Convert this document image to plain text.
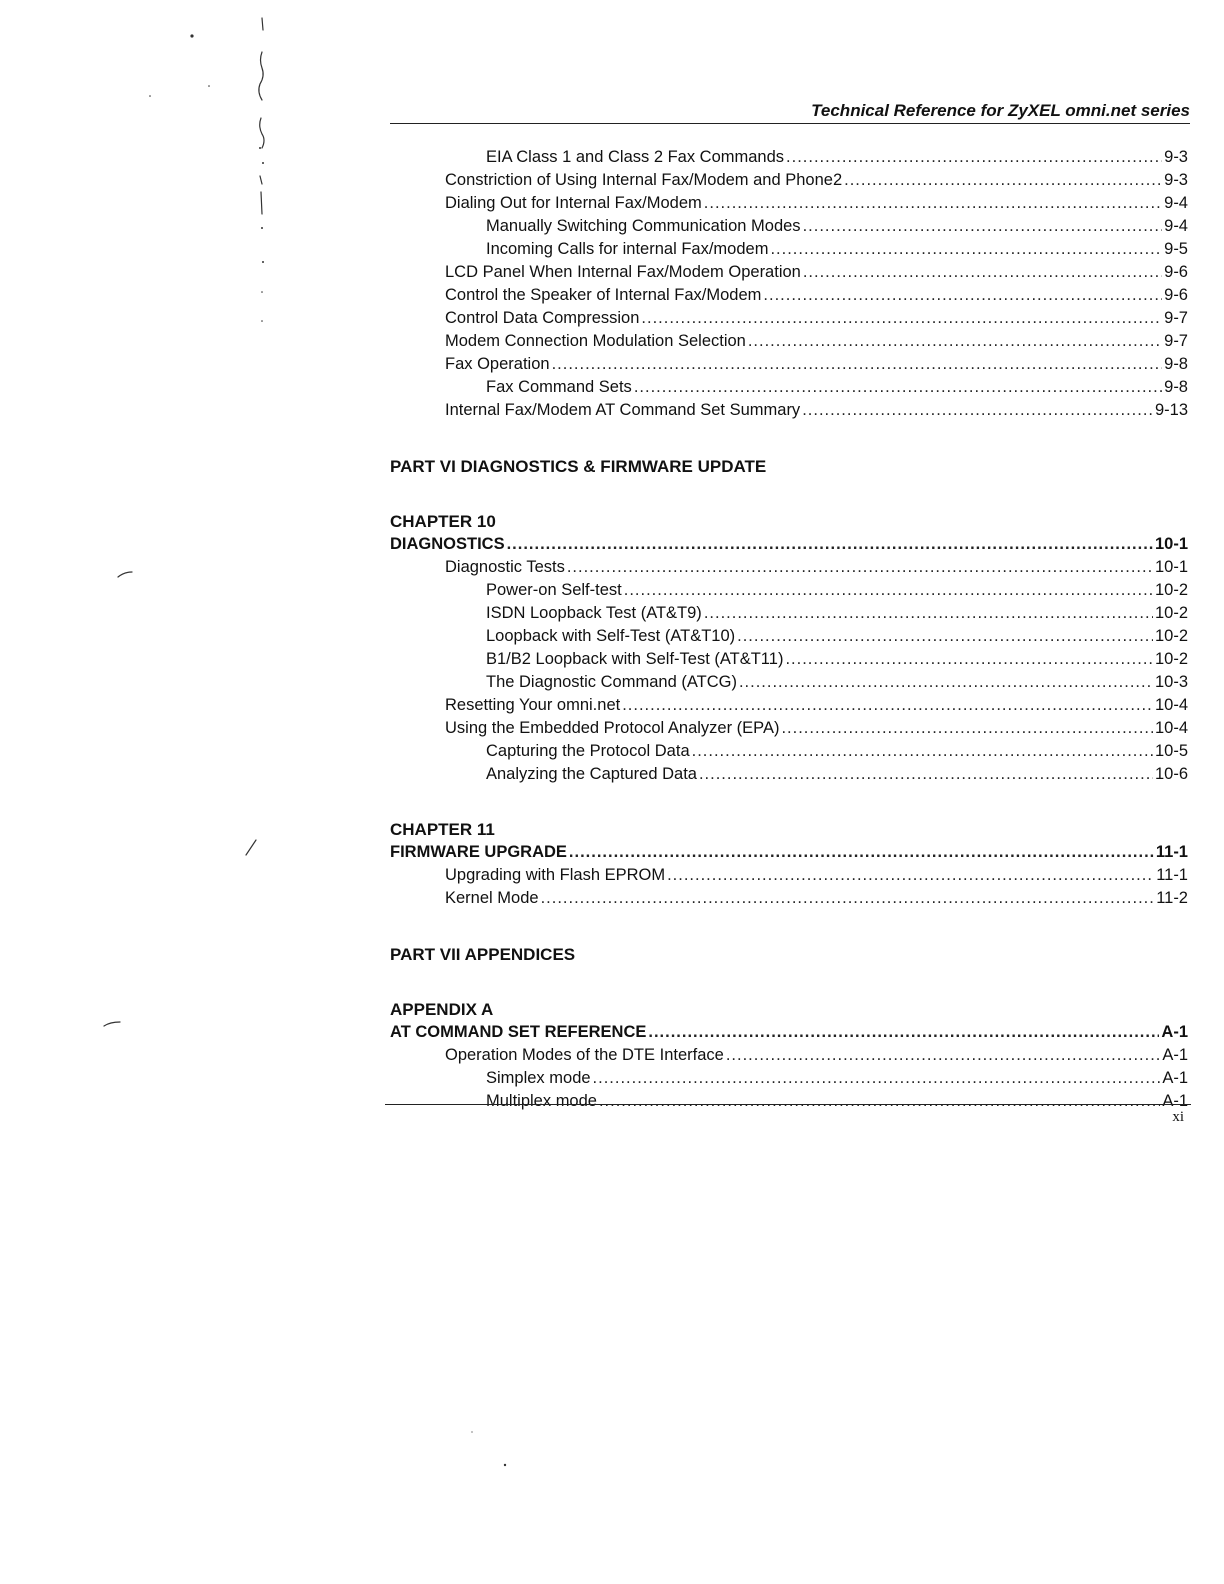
Technical Reference for ZyXEL omni.net series
EIA Class 1 and Class 2 Fax Commands .....	9-3
Constriction of Using Internal Fax/Modem and Phone2 .....	9-3
Dialing Out for Internal Fax/Modem .....	9-4
Manually Switching Communication Modes .....	9-4
Incoming Calls for internal Fax/modem .....	9-5
LCD Panel When Internal Fax/Modem Operation .....	9-6
Control the Speaker of Internal Fax/Modem .....	9-6
Control Data Compression .....	9-7
Modem Connection Modulation Selection .....	9-7
Fax Operation .....	9-8
Fax Command Sets .....	9-8
Internal Fax/Modem AT Command Set Summary .....	9-13
PART VI DIAGNOSTICS & FIRMWARE UPDATE
CHAPTER 10
DIAGNOSTICS .....	10-1
Diagnostic Tests .....	10-1
Power-on Self-test .....	10-2
ISDN Loopback Test (AT&T9) .....	10-2
Loopback with Self-Test (AT&T10) .....	10-2
B1/B2 Loopback with Self-Test (AT&T11) .....	10-2
The Diagnostic Command (ATCG) .....	10-3
Resetting Your omni.net .....	10-4
Using the Embedded Protocol Analyzer (EPA) .....	10-4
Capturing the Protocol Data .....	10-5
Analyzing the Captured Data .....	10-6
CHAPTER 11
FIRMWARE UPGRADE .....	11-1
Upgrading with Flash EPROM .....	11-1
Kernel Mode .....	11-2
PART VII APPENDICES
APPENDIX A
AT COMMAND SET REFERENCE .....	A-1
Operation Modes of the DTE Interface .....	A-1
Simplex mode .....	A-1
Multiplex mode .....	A-1
xi
